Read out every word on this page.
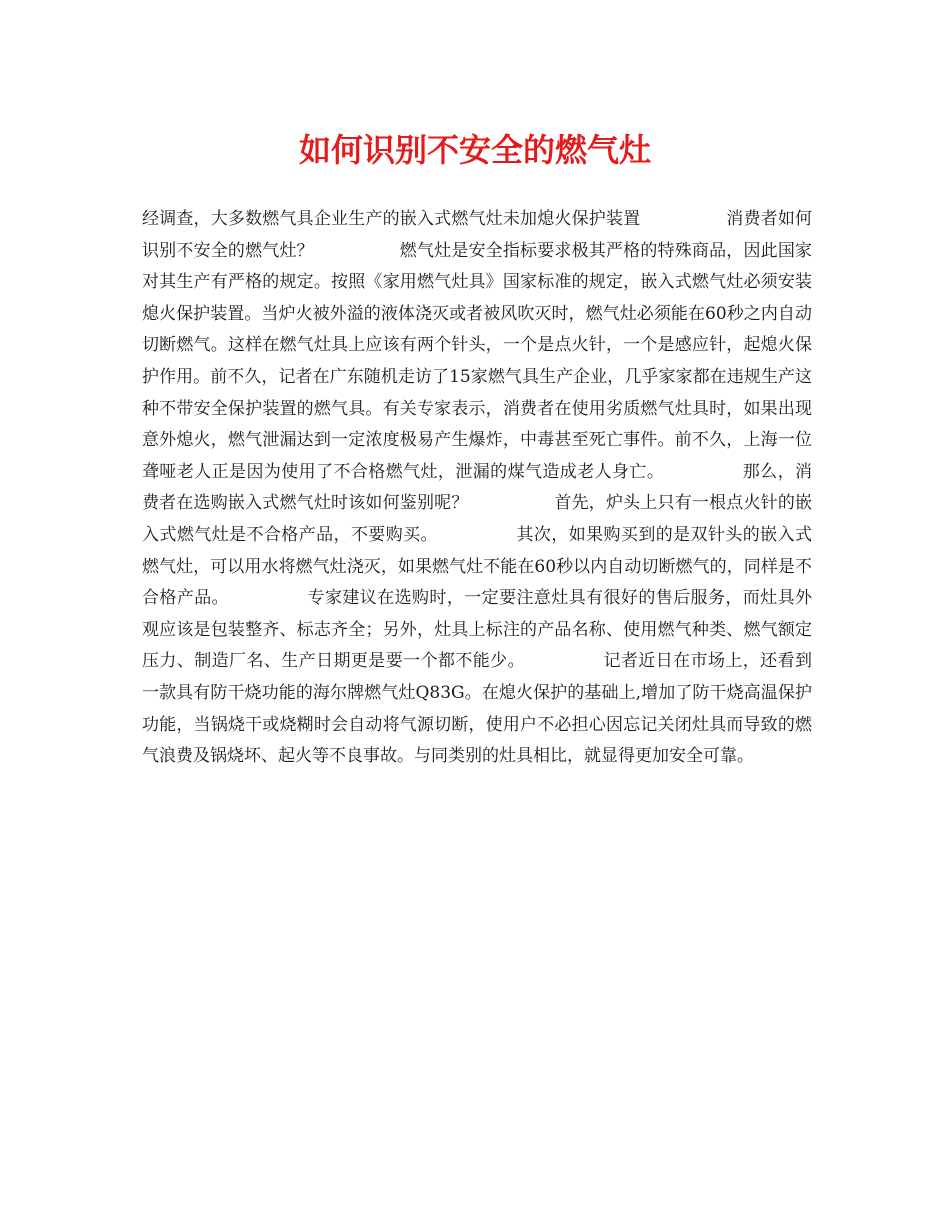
如何识别不安全的燃气灶

经调查，大多数燃气具企业生产的嵌入式燃气灶未加熄火保护装置　　　　　消费者如何识别不安全的燃气灶？　　　　　燃气灶是安全指标要求极其严格的特殊商品，因此国家对其生产有严格的规定。按照《家用燃气灶具》国家标准的规定，嵌入式燃气灶必须安装熄火保护装置。当炉火被外溢的液体浇灭或者被风吹灭时，燃气灶必须能在60秒之内自动切断燃气。这样在燃气灶具上应该有两个针头，一个是点火针，一个是感应针，起熄火保护作用。前不久，记者在广东随机走访了15家燃气具生产企业，几乎家家都在违规生产这种不带安全保护装置的燃气具。有关专家表示，消费者在使用劣质燃气灶具时，如果出现意外熄火，燃气泄漏达到一定浓度极易产生爆炸，中毒甚至死亡事件。前不久，上海一位聋哑老人正是因为使用了不合格燃气灶，泄漏的煤气造成老人身亡。　　　　　那么，消费者在选购嵌入式燃气灶时该如何鉴别呢？　　　　　首先，炉头上只有一根点火针的嵌入式燃气灶是不合格产品，不要购买。　　　　　其次，如果购买到的是双针头的嵌入式燃气灶，可以用水将燃气灶浇灭，如果燃气灶不能在60秒以内自动切断燃气的，同样是不合格产品。　　　　　专家建议在选购时，一定要注意灶具有很好的售后服务，而灶具外观应该是包装整齐、标志齐全；另外，灶具上标注的产品名称、使用燃气种类、燃气额定压力、制造厂名、生产日期更是要一个都不能少。　　　　　记者近日在市场上，还看到一款具有防干烧功能的海尔牌燃气灶Q83G。在熄火保护的基础上,增加了防干烧高温保护功能，当锅烧干或烧糊时会自动将气源切断，使用户不必担心因忘记关闭灶具而导致的燃气浪费及锅烧坏、起火等不良事故。与同类别的灶具相比，就显得更加安全可靠。
